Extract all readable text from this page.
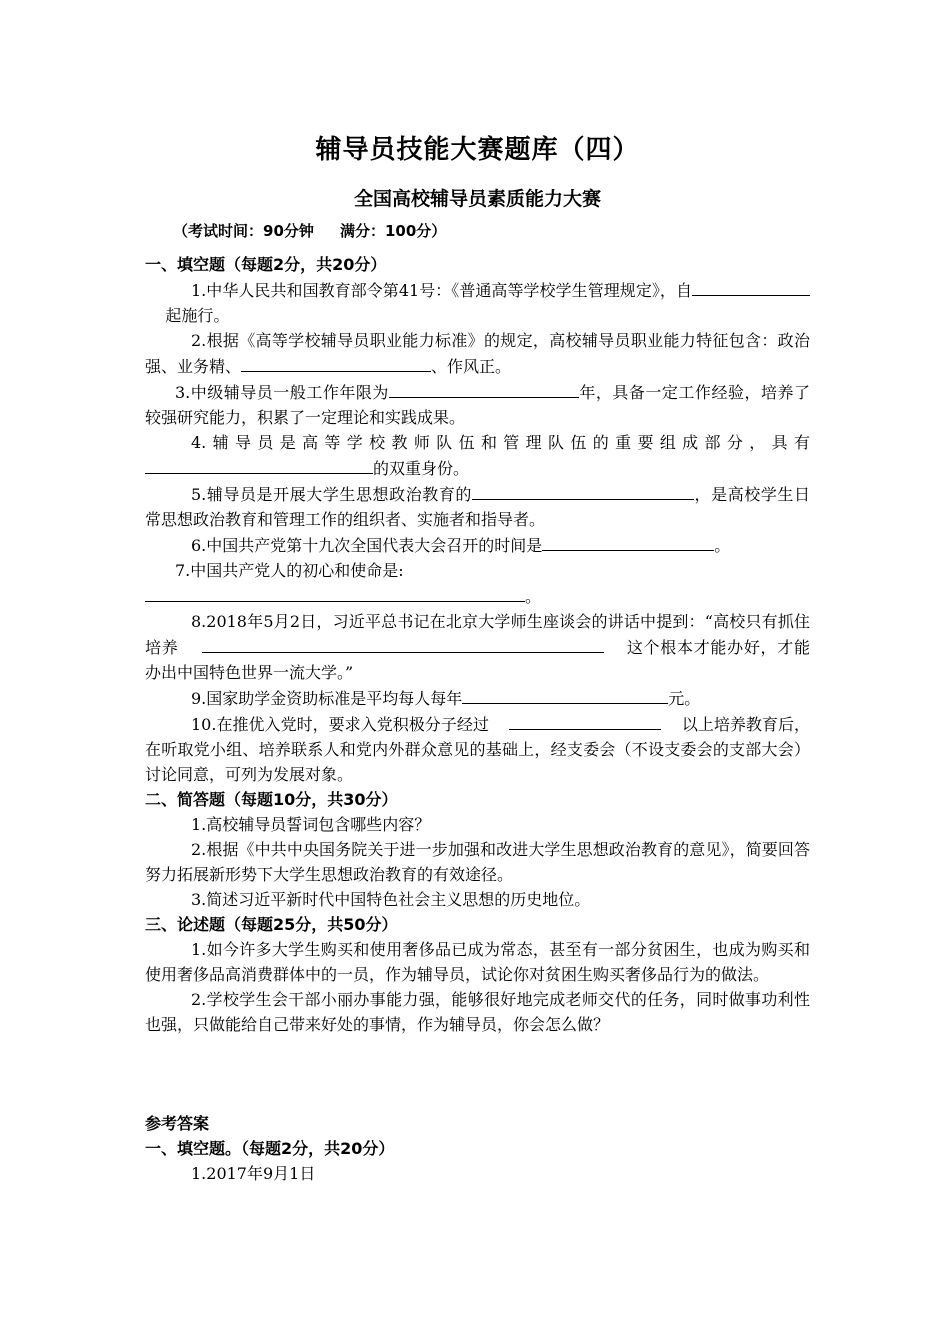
辅导员技能大赛题库（四）
全国高校辅导员素质能力大赛
（考试时间：90分钟     满分：100分）
一、填空题（每题2分，共20分）

1.中华人民共和国教育部令第41号：《普通高等学校学生管理规定》，自    起施行。

2.根据《高等学校辅导员职业能力标准》的规定，高校辅导员职业能力特征包含：政治强、业务精、	、作风正。

3.中级辅导员一般工作年限为	年，具备一定工作经验，培养了较强研究能力，积累了一定理论和实践成果。

4.辅导员是高等学校教师队伍和管理队伍的重要组成部分，具有的双重身份。

5.辅导员是开展大学生思想政治教育的	，是高校学生日常思想政治教育和管理工作的组织者、实施者和指导者。

6.中国共产党第十九次全国代表大会召开的时间是	。

7.中国共产党人的初心和使命是:

。

8.2018年5月2日，习近平总书记在北京大学师生座谈会的讲话中提到：“高校只有抓住培养	这个根本才能办好，才能办出中国特色世界一流大学。”

9.国家助学金资助标准是平均每人每年	元。

10.在推优入党时，要求入党积极分子经过	以上培养教育后，在听取党小组、培养联系人和党内外群众意见的基础上，经支委会（不设支委会的支部大会）讨论同意，可列为发展对象。

二、简答题（每题10分，共30分）

1.高校辅导员誓词包含哪些内容？

2.根据《中共中央国务院关于进一步加强和改进大学生思想政治教育的意见》，简要回答努力拓展新形势下大学生思想政治教育的有效途径。

3.简述习近平新时代中国特色社会主义思想的历史地位。

三、论述题（每题25分，共50分）

1.如今许多大学生购买和使用奢侈品已成为常态，甚至有一部分贫困生，也成为购买和使用奢侈品高消费群体中的一员，作为辅导员，试论你对贫困生购买奢侈品行为的做法。

2.学校学生会干部小丽办事能力强，能够很好地完成老师交代的任务，同时做事功利性也强，只做能给自己带来好处的事情，作为辅导员，你会怎么做？

参考答案
一、填空题。（每题2分，共20分）

1.2017年9月1日
